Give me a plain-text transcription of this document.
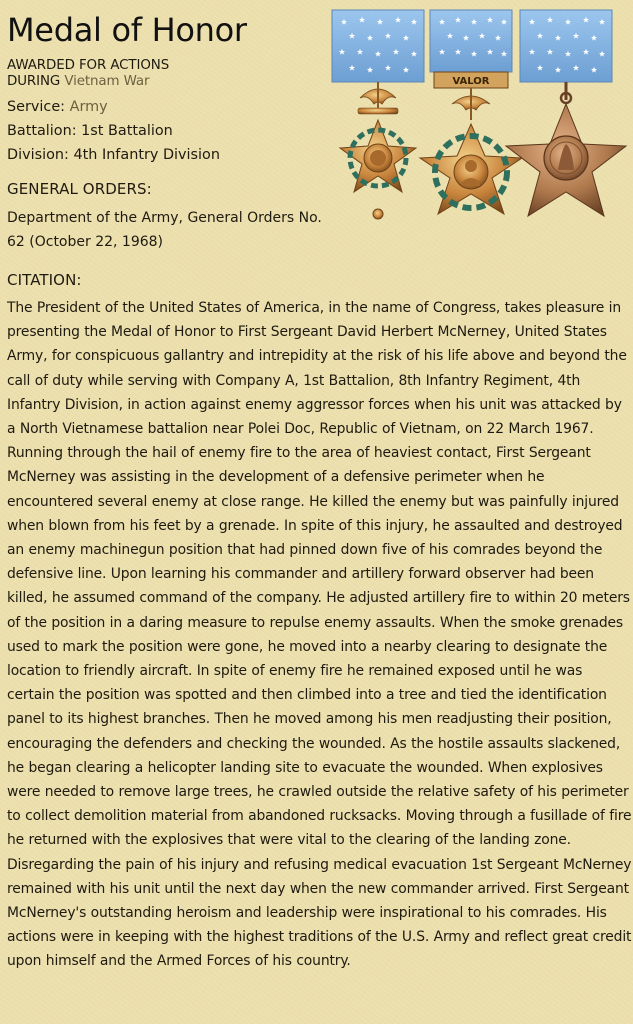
Medal of Honor

AWARDED FOR ACTIONS
DURING Vietnam War

Service: Army
Battalion: 1st Battalion
Division: 4th Infantry Division
GENERAL ORDERS:

Department of the Army, General Orders No. 62 (October 22, 1968)

CITATION:

The President of the United States of America, in the name of Congress, takes pleasure in presenting the Medal of Honor to First Sergeant David Herbert McNerney, United States Army, for conspicuous gallantry and intrepidity at the risk of his life above and beyond the call of duty while serving with Company A, 1st Battalion, 8th Infantry Regiment, 4th Infantry Division, in action against enemy aggressor forces when his unit was attacked by a North Vietnamese battalion near Polei Doc, Republic of Vietnam, on 22 March 1967. Running through the hail of enemy fire to the area of heaviest contact, First Sergeant McNerney was assisting in the development of a defensive perimeter when he encountered several enemy at close range. He killed the enemy but was painfully injured when blown from his feet by a grenade. In spite of this injury, he assaulted and destroyed an enemy machinegun position that had pinned down five of his comrades beyond the defensive line. Upon learning his commander and artillery forward observer had been killed, he assumed command of the company. He adjusted artillery fire to within 20 meters of the position in a daring measure to repulse enemy assaults. When the smoke grenades used to mark the position were gone, he moved into a nearby clearing to designate the location to friendly aircraft. In spite of enemy fire he remained exposed until he was certain the position was spotted and then climbed into a tree and tied the identification panel to its highest branches. Then he moved among his men readjusting their position, encouraging the defenders and checking the wounded. As the hostile assaults slackened, he began clearing a helicopter landing site to evacuate the wounded. When explosives were needed to remove large trees, he crawled outside the relative safety of his perimeter to collect demolition material from abandoned rucksacks. Moving through a fusillade of fire he returned with the explosives that were vital to the clearing of the landing zone. Disregarding the pain of his injury and refusing medical evacuation 1st Sergeant McNerney remained with his unit until the next day when the new commander arrived. First Sergeant McNerney's outstanding heroism and leadership were inspirational to his comrades. His actions were in keeping with the highest traditions of the U.S. Army and reflect great credit upon himself and the Armed Forces of his country.

VALOR
